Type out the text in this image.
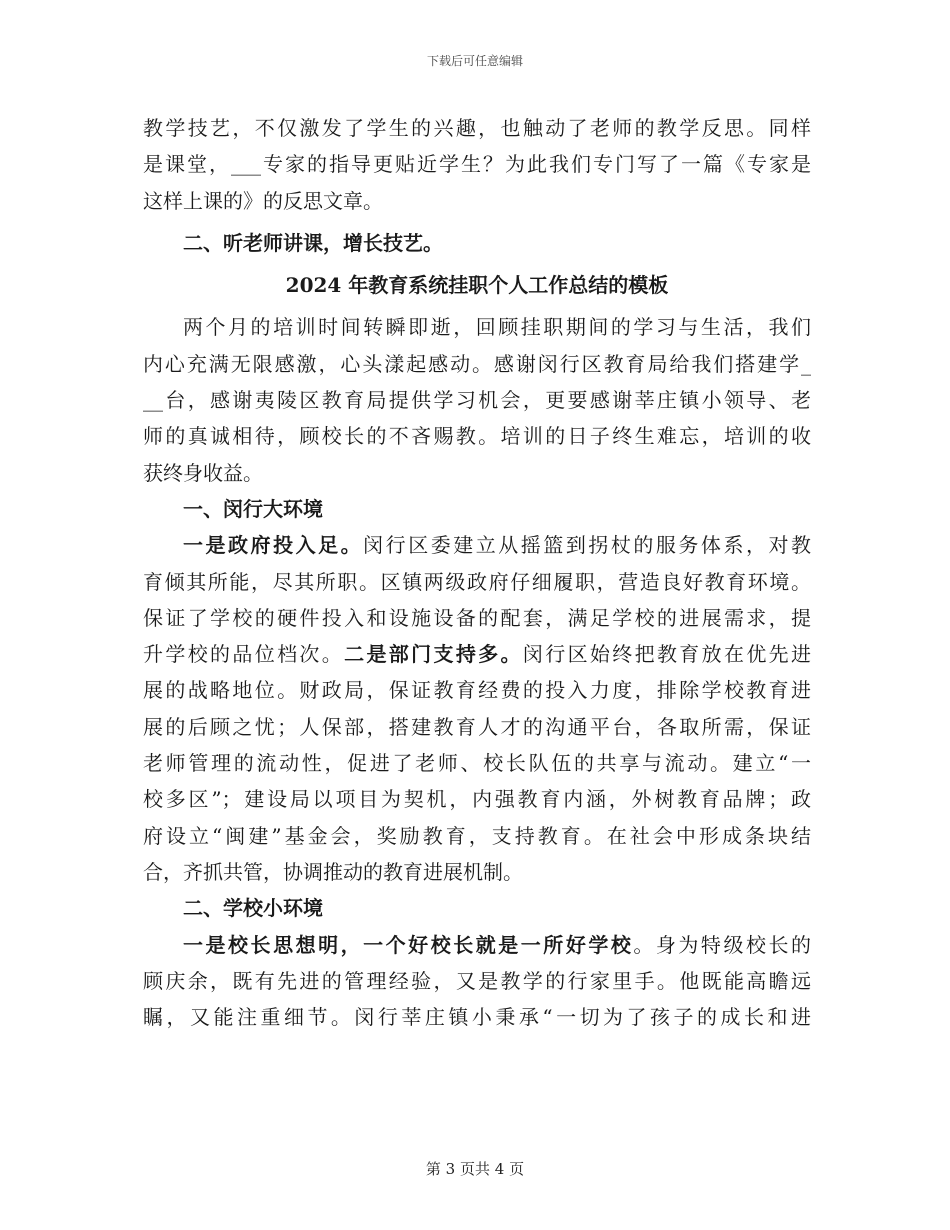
下载后可任意编辑
教学技艺，不仅激发了学生的兴趣，也触动了老师的教学反思。同样
是课堂，___专家的指导更贴近学生？为此我们专门写了一篇《专家是
这样上课的》的反思文章。
二、听老师讲课，增长技艺。
2024 年教育系统挂职个人工作总结的模板
两个月的培训时间转瞬即逝，回顾挂职期间的学习与生活，我们
内心充满无限感激，心头漾起感动。感谢闵行区教育局给我们搭建学_
__台，感谢夷陵区教育局提供学习机会，更要感谢莘庄镇小领导、老
师的真诚相待，顾校长的不吝赐教。培训的日子终生难忘，培训的收
获终身收益。
一、闵行大环境
一是政府投入足。闵行区委建立从摇篮到拐杖的服务体系，对教
育倾其所能，尽其所职。区镇两级政府仔细履职，营造良好教育环境。
保证了学校的硬件投入和设施设备的配套，满足学校的进展需求，提
升学校的品位档次。二是部门支持多。闵行区始终把教育放在优先进
展的战略地位。财政局，保证教育经费的投入力度，排除学校教育进
展的后顾之忧；人保部，搭建教育人才的沟通平台，各取所需，保证
老师管理的流动性，促进了老师、校长队伍的共享与流动。建立“一
校多区”；建设局以项目为契机，内强教育内涵，外树教育品牌；政
府设立“闽建”基金会，奖励教育，支持教育。在社会中形成条块结
合，齐抓共管，协调推动的教育进展机制。
二、学校小环境
一是校长思想明，一个好校长就是一所好学校。身为特级校长的
顾庆余，既有先进的管理经验，又是教学的行家里手。他既能高瞻远
瞩，又能注重细节。闵行莘庄镇小秉承“一切为了孩子的成长和进
第 3 页共 4 页
